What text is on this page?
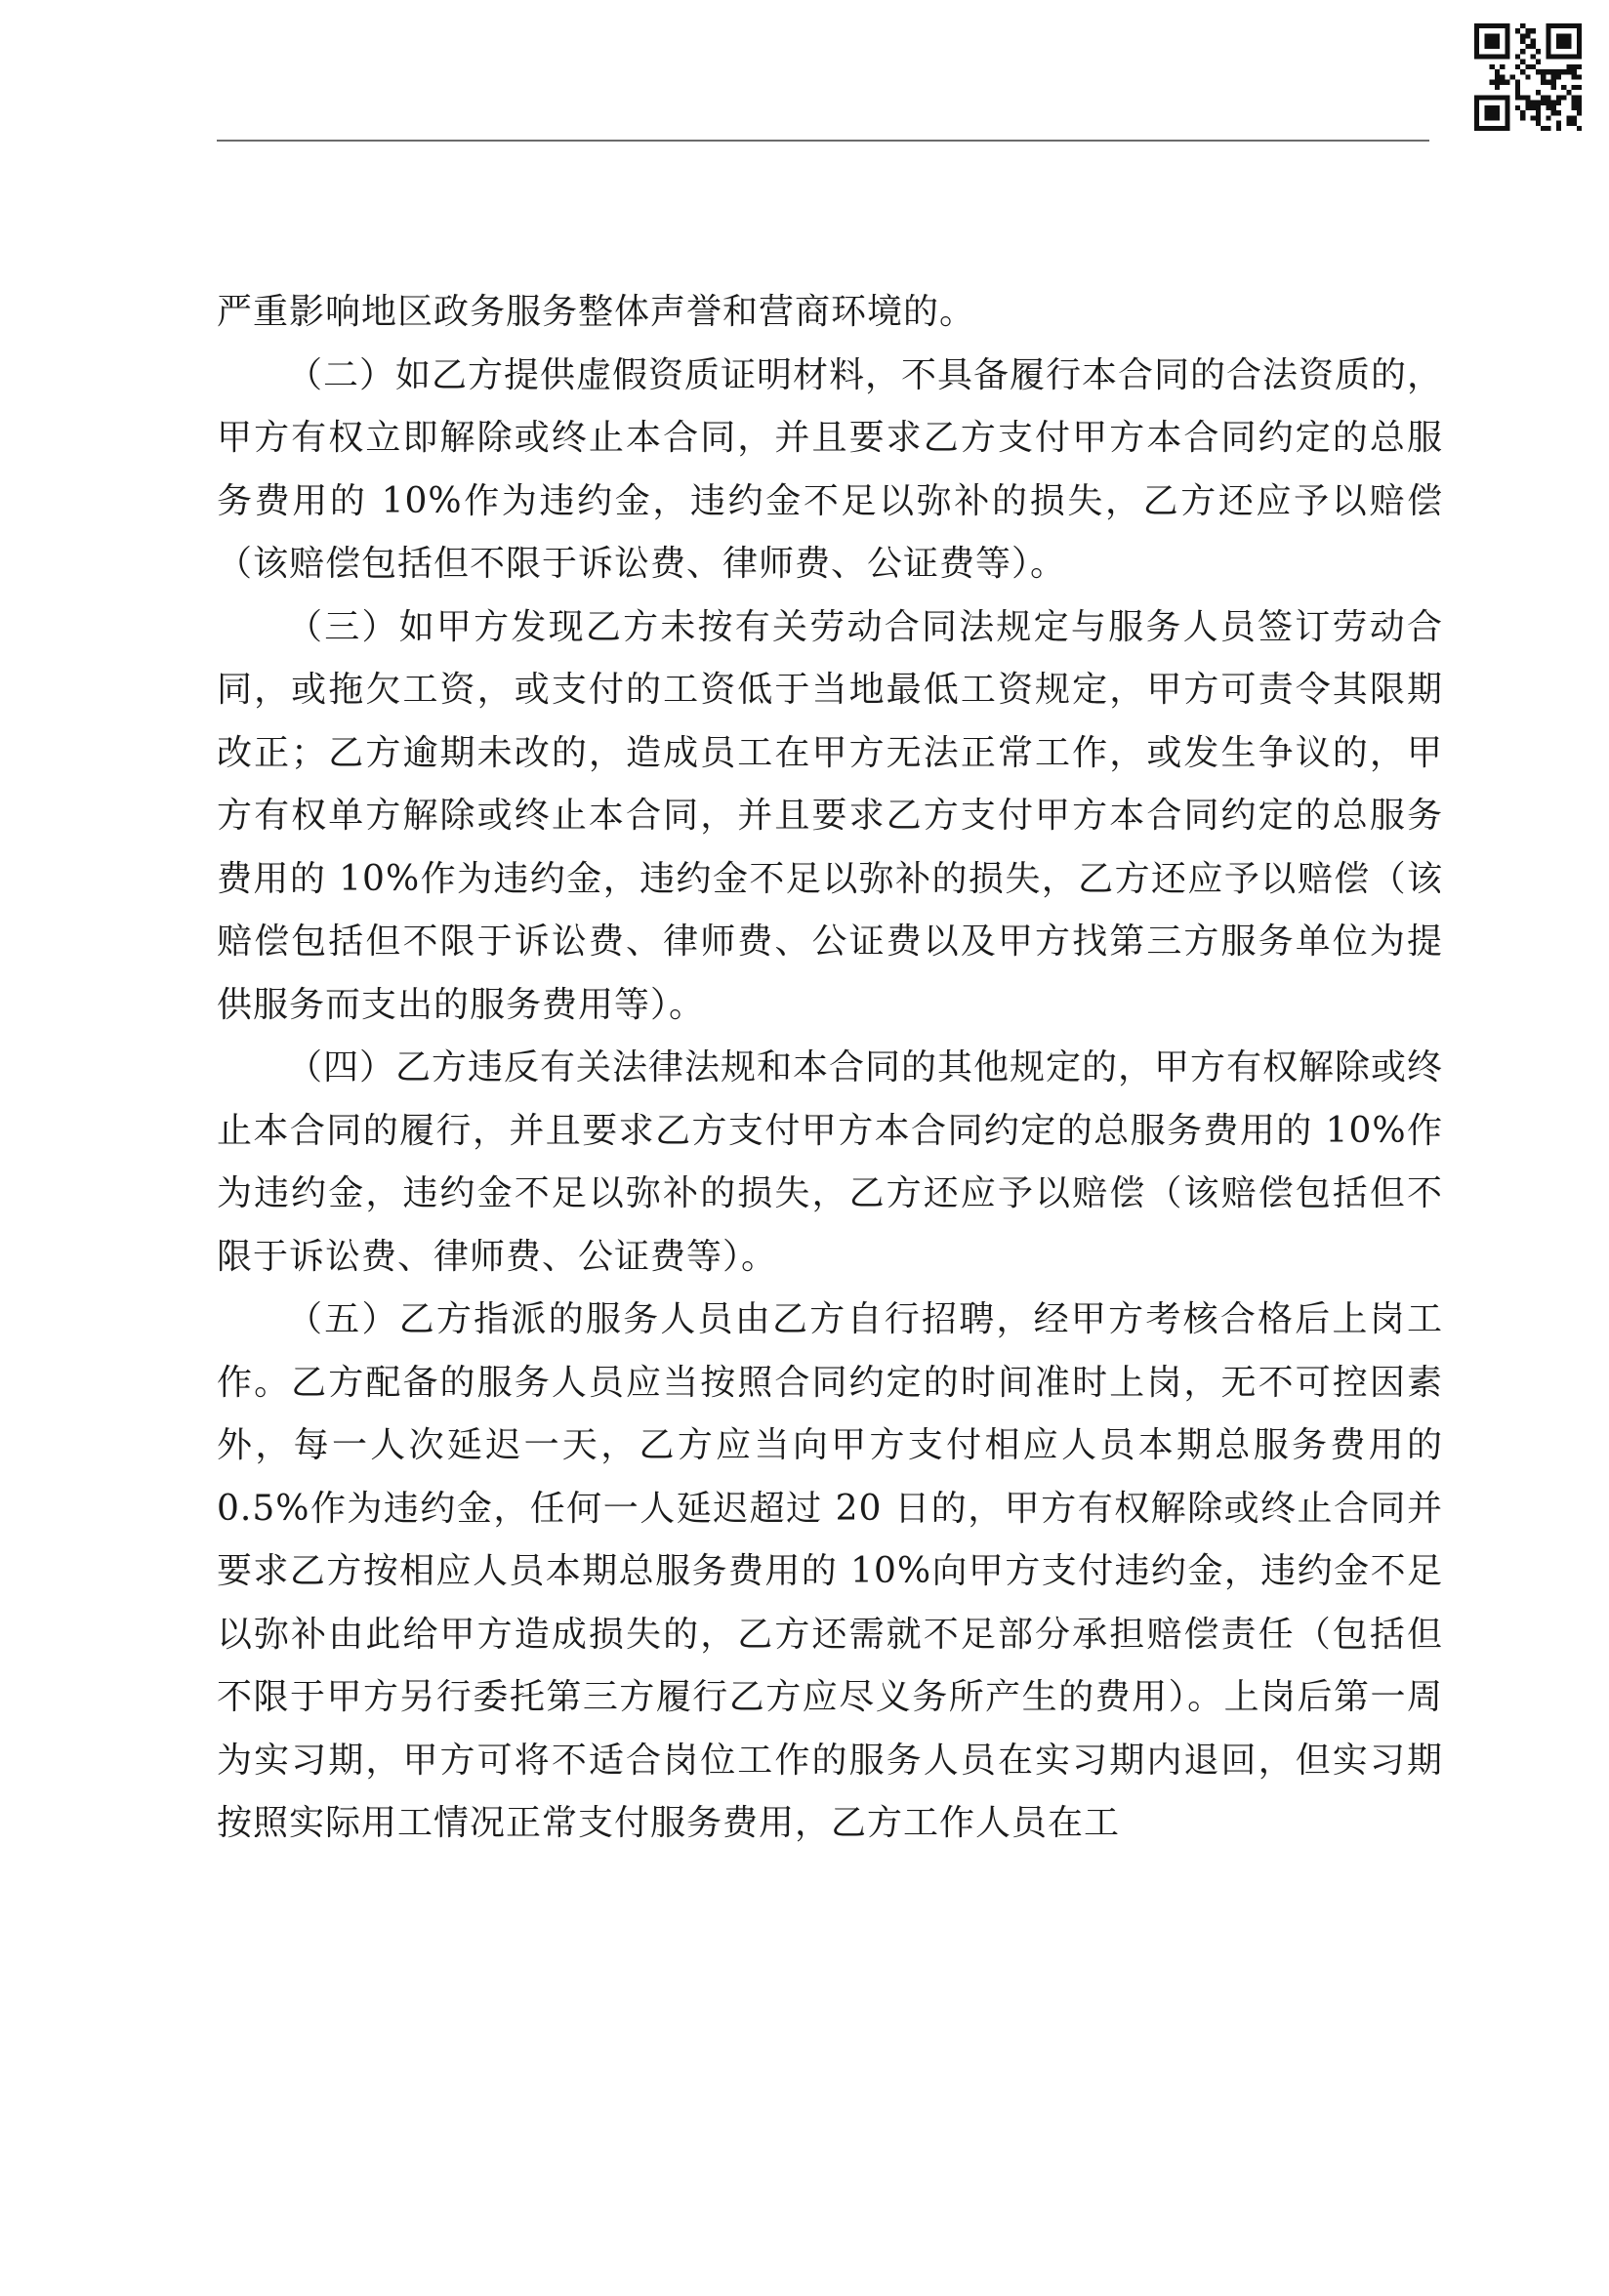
严重影响地区政务服务整体声誉和营商环境的。

（二）如乙方提供虚假资质证明材料，不具备履行本合同的合法资质的，甲方有权立即解除或终止本合同，并且要求乙方支付甲方本合同约定的总服务费用的 10%作为违约金，违约金不足以弥补的损失，乙方还应予以赔偿（该赔偿包括但不限于诉讼费、律师费、公证费等）。

（三）如甲方发现乙方未按有关劳动合同法规定与服务人员签订劳动合同，或拖欠工资，或支付的工资低于当地最低工资规定，甲方可责令其限期改正；乙方逾期未改的，造成员工在甲方无法正常工作，或发生争议的，甲方有权单方解除或终止本合同，并且要求乙方支付甲方本合同约定的总服务费用的 10%作为违约金，违约金不足以弥补的损失，乙方还应予以赔偿（该赔偿包括但不限于诉讼费、律师费、公证费以及甲方找第三方服务单位为提供服务而支出的服务费用等）。

（四）乙方违反有关法律法规和本合同的其他规定的，甲方有权解除或终止本合同的履行，并且要求乙方支付甲方本合同约定的总服务费用的 10%作为违约金，违约金不足以弥补的损失，乙方还应予以赔偿（该赔偿包括但不限于诉讼费、律师费、公证费等）。

（五）乙方指派的服务人员由乙方自行招聘，经甲方考核合格后上岗工作。乙方配备的服务人员应当按照合同约定的时间准时上岗，无不可控因素外，每一人次延迟一天，乙方应当向甲方支付相应人员本期总服务费用的 0.5%作为违约金，任何一人延迟超过 20 日的，甲方有权解除或终止合同并要求乙方按相应人员本期总服务费用的 10%向甲方支付违约金，违约金不足以弥补由此给甲方造成损失的，乙方还需就不足部分承担赔偿责任（包括但不限于甲方另行委托第三方履行乙方应尽义务所产生的费用）。上岗后第一周为实习期，甲方可将不适合岗位工作的服务人员在实习期内退回，但实习期按照实际用工情况正常支付服务费用，乙方工作人员在工
